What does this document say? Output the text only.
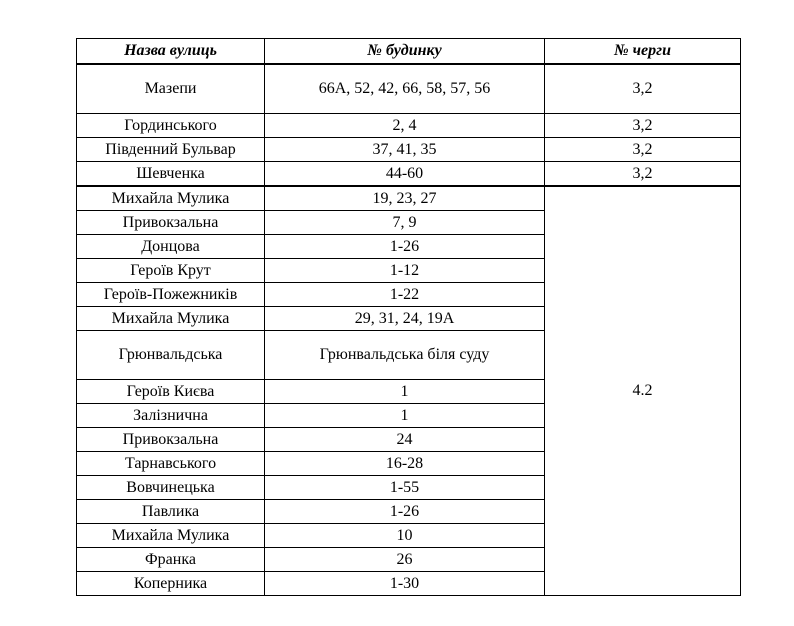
Назва вулиць	№ будинку	№ черги
Мазепи	66А, 52, 42, 66, 58, 57, 56	3,2
Гординського	2, 4	3,2
Південний Бульвар	37, 41, 35	3,2
Шевченка	44-60	3,2
Михайла Мулика	19, 23, 27	4.2
Привокзальна	7, 9	
Донцова	1-26	
Героїв Крут	1-12	
Героїв-Пожежників	1-22	
Михайла Мулика	29, 31, 24, 19А	
Грюнвальдська	Грюнвальдська біля суду	
Героїв Києва	1	
Залізнична	1	
Привокзальна	24	
Тарнавського	16-28	
Вовчинецька	1-55	
Павлика	1-26	
Михайла Мулика	10	
Франка	26	
Коперника	1-30	
